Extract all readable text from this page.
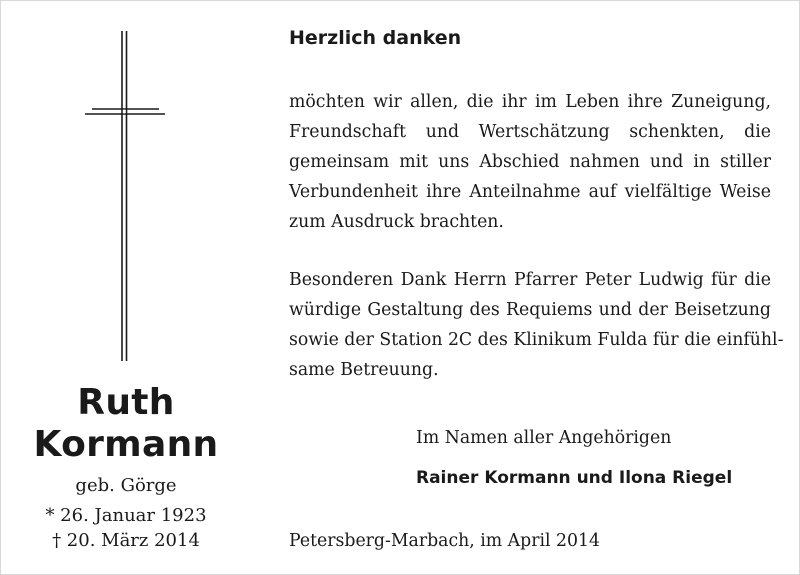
Ruth
Kormann
geb. Görge
* 26. Januar 1923
† 20. März 2014
Herzlich danken
möchten wir allen, die ihr im Leben ihre Zuneigung,
Freundschaft und Wertschätzung schenkten, die
gemeinsam mit uns Abschied nahmen und in stiller
Verbundenheit ihre Anteilnahme auf vielfältige Weise
zum Ausdruck brachten.
Besonderen Dank Herrn Pfarrer Peter Ludwig für die
würdige Gestaltung des Requiems und der Beisetzung
sowie der Station 2C des Klinikum Fulda für die einfühl-
same Betreuung.
Im Namen aller Angehörigen
Rainer Kormann und Ilona Riegel
Petersberg-Marbach, im April 2014
